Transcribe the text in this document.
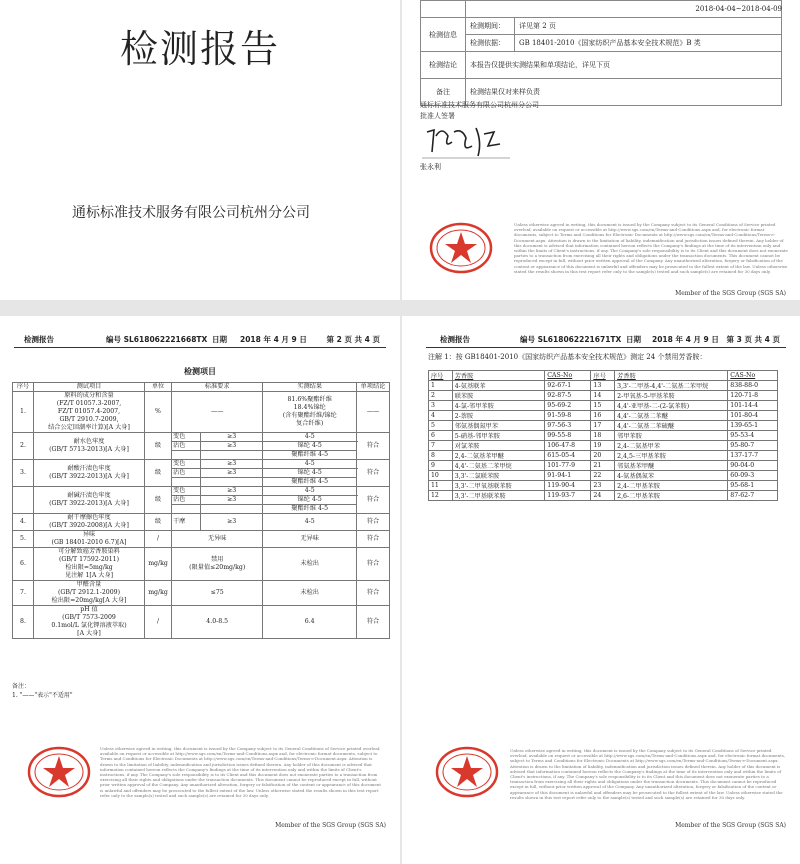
检测报告
通标标准技术服务有限公司杭州分公司

检测信息	检测期间：	详见第 2 页
	检测依据：	GB 18401-2010《国家纺织产品基本安全技术规范》B 类
检测结论	本报告仅提供实测结果和单项结论，详见下页	
备注	检测结果仅对来样负责	
2018-04-04~2018-04-09
通标标准技术服务有限公司杭州分公司
批准人签署
张永利
Unless otherwise agreed in writing, this document is issued by the Company subject to its General Conditions of Service printed overleaf, available on request or accessible at http://www.sgs.com/en/Terms-and-Conditions.aspx and, for electronic format documents, subject to Terms and Conditions for Electronic Documents at http://www.sgs.com/en/Terms-and-Conditions/Terms-e-Document.aspx. Attention is drawn to the limitation of liability, indemnification and jurisdiction issues defined therein. Any holder of this document is advised that information contained hereon reflects the Company's findings at the time of its intervention only and within the limits of Client's instructions, if any. The Company's sole responsibility is to its Client and this document does not exonerate parties to a transaction from exercising all their rights and obligations under the transaction documents. This document cannot be reproduced except in full, without prior written approval of the Company. Any unauthorized alteration, forgery or falsification of the content or appearance of this document is unlawful and offenders may be prosecuted to the fullest extent of the law. Unless otherwise stated the results shown in this test report refer only to the sample(s) tested and such sample(s) are retained for 30 days only.
Member of the SGS Group (SGS SA)
检测报告	编号 SL618062221668TX 日期 2018 年 4 月 9 日	第 2 页 共 4 页
检测项目
序号	测试项目	单位	标准要求		实测结果	单项结论
1.	原料的成分和含量
(FZ/T 01057.3-2007,
FZ/T 01057.4-2007,
GB/T 2910.7-2009,
结合公定回潮率计算)[A 大身]	%	——		81.6%聚酯纤维
18.4%锦纶
(含有聚酯纤维/锦纶
复合纤维)	——
2.	耐水色牢度
(GB/T 5713-2013)[A 大身]	级	变色	≥3	4-5	符合
			沾色	≥3	锦纶 4-5	
					聚酯纤维 4-5	
3.	耐酸汗渍色牢度
(GB/T 3922-2013)[A 大身]	级	变色	≥3	4-5	符合
			沾色	≥3	锦纶 4-5	
					聚酯纤维 4-5	
	耐碱汗渍色牢度
(GB/T 3922-2013)[A 大身]	级	变色	≥3	4-5	符合
			沾色	≥3	锦纶 4-5	
					聚酯纤维 4-5	
4.	耐干摩擦色牢度
(GB/T 3920-2008)[A 大身]	级	干摩	≥3	4-5	符合
5.	异味
(GB 18401-2010 6.7)[A]	/	无异味		无异味	符合
6.	可分解致癌芳香胺染料
(GB/T 17592-2011)
检出限=5mg/kg
见注解 1[A 大身]	mg/kg	禁用
(限量值≤20mg/kg)		未检出	符合
7.	甲醛含量
(GB/T 2912.1-2009)
检出限=20mg/kg[A 大身]	mg/kg	≤75		未检出	符合
8.	pH 值
(GB/T 7573-2009
0.1mol/L 氯化钾溶液萃取)
[A 大身]	/	4.0-8.5		6.4	符合
备注：
1. "——"表示"不适用"
Unless otherwise agreed in writing, this document is issued by the Company subject to its General Conditions of Service printed overleaf, available on request or accessible at http://www.sgs.com/en/Terms-and-Conditions.aspx and, for electronic format documents, subject to Terms and Conditions for Electronic Documents at http://www.sgs.com/en/Terms-and-Conditions/Terms-e-Document.aspx. Attention is drawn to the limitation of liability, indemnification and jurisdiction issues defined therein. Any holder of this document is advised that information contained hereon reflects the Company's findings at the time of its intervention only and within the limits of Client's instructions, if any. The Company's sole responsibility is to its Client and this document does not exonerate parties to a transaction from exercising all their rights and obligations under the transaction documents. This document cannot be reproduced except in full, without prior written approval of the Company. Any unauthorized alteration, forgery or falsification of the content or appearance of this document is unlawful and offenders may be prosecuted to the fullest extent of the law. Unless otherwise stated the results shown in this test report refer only to the sample(s) tested and such sample(s) are retained for 30 days only.
Member of the SGS Group (SGS SA)
检测报告	编号 SL618062221671TX 日期 2018 年 4 月 9 日 第 3 页 共 4 页
注解 1：按 GB18401-2010《国家纺织产品基本安全技术规范》测定 24 个禁用芳香胺：
序号	芳香胺	CAS-No	序号	芳香胺	CAS-No
1	4-氨基联苯	92-67-1	13	3,3'-二甲基-4,4'-二氨基二苯甲烷	838-88-0
2	联苯胺	92-87-5	14	2-甲氧基-5-甲基苯胺	120-71-8
3	4-氯-邻甲苯胺	95-69-2	15	4,4'-亚甲基-二-(2-氯苯胺)	101-14-4
4	2-萘胺	91-59-8	16	4,4'-二氨基二苯醚	101-80-4
5	邻氨基偶氮甲苯	97-56-3	17	4,4'-二氨基二苯硫醚	139-65-1
6	5-硝基-邻甲苯胺	99-55-8	18	邻甲苯胺	95-53-4
7	对氯苯胺	106-47-8	19	2,4-二氨基甲苯	95-80-7
8	2,4-二氨基苯甲醚	615-05-4	20	2,4,5-三甲基苯胺	137-17-7
9	4,4'-二氨基二苯甲烷	101-77-9	21	邻氨基苯甲醚	90-04-0
10	3,3'-二氯联苯胺	91-94-1	22	4-氨基偶氮苯	60-09-3
11	3,3'-二甲氧基联苯胺	119-90-4	23	2,4-二甲基苯胺	95-68-1
12	3,3'-二甲基联苯胺	119-93-7	24	2,6-二甲基苯胺	87-62-7
Unless otherwise agreed in writing, this document is issued by the Company subject to its General Conditions of Service printed overleaf, available on request or accessible at http://www.sgs.com/en/Terms-and-Conditions.aspx and, for electronic format documents, subject to Terms and Conditions for Electronic Documents at http://www.sgs.com/en/Terms-and-Conditions/Terms-e-Document.aspx. Attention is drawn to the limitation of liability, indemnification and jurisdiction issues defined therein. Any holder of this document is advised that information contained hereon reflects the Company's findings at the time of its intervention only and within the limits of Client's instructions, if any. The Company's sole responsibility is to its Client and this document does not exonerate parties to a transaction from exercising all their rights and obligations under the transaction documents. This document cannot be reproduced except in full, without prior written approval of the Company. Any unauthorized alteration, forgery or falsification of the content or appearance of this document is unlawful and offenders may be prosecuted to the fullest extent of the law. Unless otherwise stated the results shown in this test report refer only to the sample(s) tested and such sample(s) are retained for 30 days only.
Member of the SGS Group (SGS SA)
